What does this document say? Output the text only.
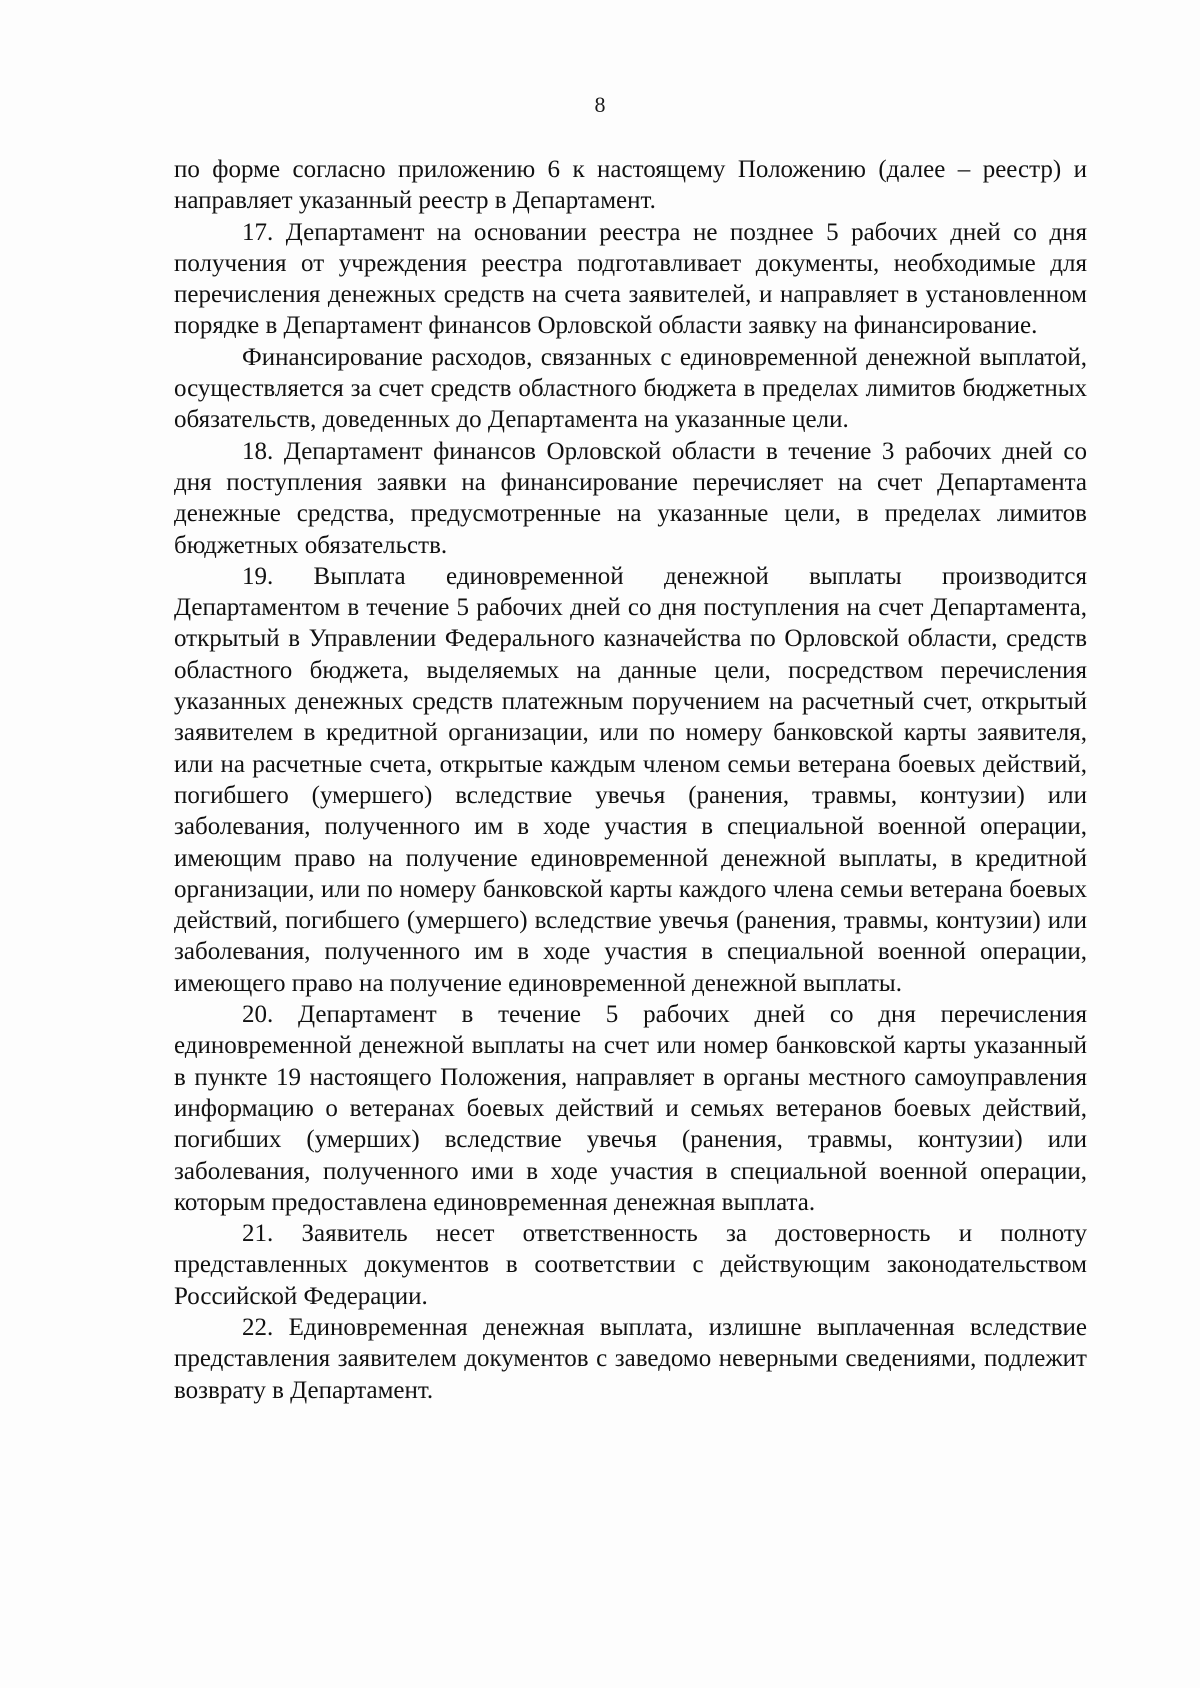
8

по форме согласно приложению 6 к настоящему Положению (далее – реестр) и направляет указанный реестр в Департамент.

17. Департамент на основании реестра не позднее 5 рабочих дней со дня получения от учреждения реестра подготавливает документы, необходимые для перечисления денежных средств на счета заявителей, и направляет в установленном порядке в Департамент финансов Орловской области заявку на финансирование.

Финансирование расходов, связанных с единовременной денежной выплатой, осуществляется за счет средств областного бюджета в пределах лимитов бюджетных обязательств, доведенных до Департамента на указанные цели.

18. Департамент финансов Орловской области в течение 3 рабочих дней со дня поступления заявки на финансирование перечисляет на счет Департамента денежные средства, предусмотренные на указанные цели, в пределах лимитов бюджетных обязательств.

19. Выплата единовременной денежной выплаты производится Департаментом в течение 5 рабочих дней со дня поступления на счет Департамента, открытый в Управлении Федерального казначейства по Орловской области, средств областного бюджета, выделяемых на данные цели, посредством перечисления указанных денежных средств платежным поручением на расчетный счет, открытый заявителем в кредитной организации, или по номеру банковской карты заявителя, или на расчетные счета, открытые каждым членом семьи ветерана боевых действий, погибшего (умершего) вследствие увечья (ранения, травмы, контузии) или заболевания, полученного им в ходе участия в специальной военной операции, имеющим право на получение единовременной денежной выплаты, в кредитной организации, или по номеру банковской карты каждого члена семьи ветерана боевых действий, погибшего (умершего) вследствие увечья (ранения, травмы, контузии) или заболевания, полученного им в ходе участия в специальной военной операции, имеющего право на получение единовременной денежной выплаты.

20. Департамент в течение 5 рабочих дней со дня перечисления единовременной денежной выплаты на счет или номер банковской карты указанный в пункте 19 настоящего Положения, направляет в органы местного самоуправления информацию о ветеранах боевых действий и семьях ветеранов боевых действий, погибших (умерших) вследствие увечья (ранения, травмы, контузии) или заболевания, полученного ими в ходе участия в специальной военной операции, которым предоставлена единовременная денежная выплата.

21. Заявитель несет ответственность за достоверность и полноту представленных документов в соответствии с действующим законодательством Российской Федерации.

22. Единовременная денежная выплата, излишне выплаченная вследствие представления заявителем документов с заведомо неверными сведениями, подлежит возврату в Департамент.
